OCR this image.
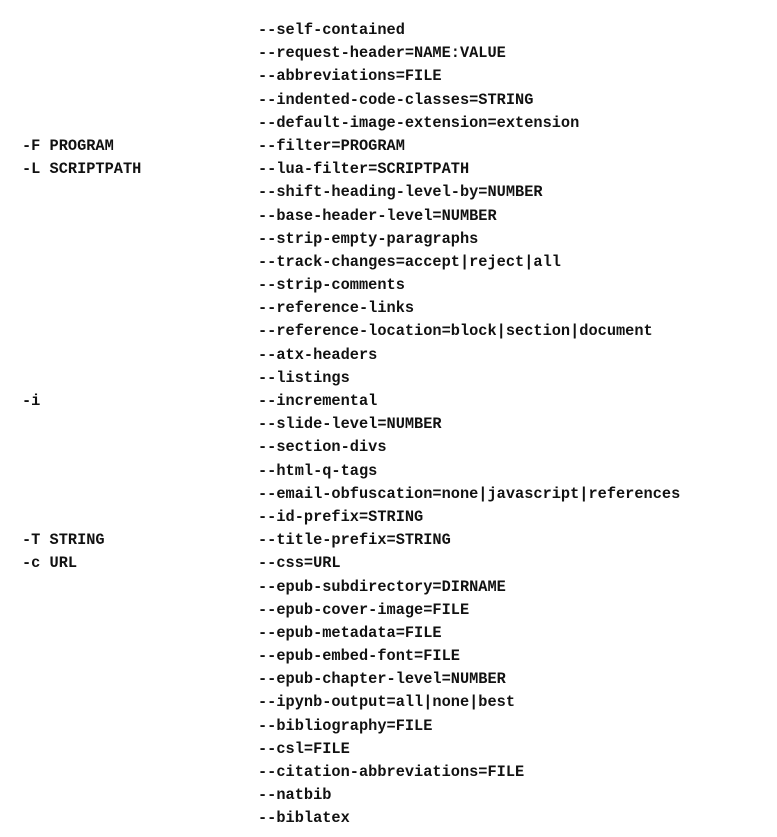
--self-contained
--request-header=NAME:VALUE
--abbreviations=FILE
--indented-code-classes=STRING
--default-image-extension=extension
-F PROGRAM	--filter=PROGRAM
-L SCRIPTPATH	--lua-filter=SCRIPTPATH
--shift-heading-level-by=NUMBER
--base-header-level=NUMBER
--strip-empty-paragraphs
--track-changes=accept|reject|all
--strip-comments
--reference-links
--reference-location=block|section|document
--atx-headers
--listings
-i	--incremental
--slide-level=NUMBER
--section-divs
--html-q-tags
--email-obfuscation=none|javascript|references
--id-prefix=STRING
-T STRING	--title-prefix=STRING
-c URL	--css=URL
--epub-subdirectory=DIRNAME
--epub-cover-image=FILE
--epub-metadata=FILE
--epub-embed-font=FILE
--epub-chapter-level=NUMBER
--ipynb-output=all|none|best
--bibliography=FILE
--csl=FILE
--citation-abbreviations=FILE
--natbib
--biblatex
